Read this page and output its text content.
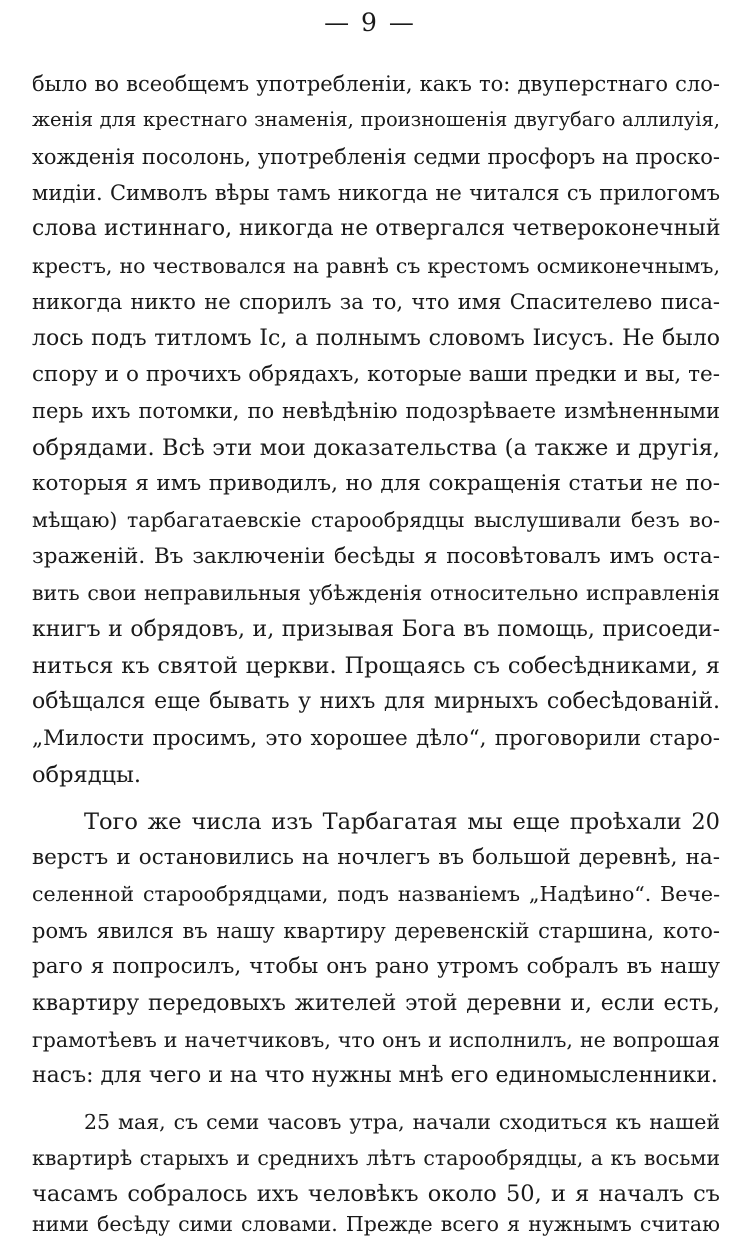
— 9 —
было во всеобщемъ употребленіи, какъ то: двуперстнаго сло-
женія для крестнаго знаменія, произношенія двугубаго аллилуія,
хожденія посолонь, употребленія седми просфоръ на проско-
мидіи. Символъ вѣры тамъ никогда не читался съ прилогомъ
слова истиннаго, никогда не отвергался четвероконечный
крестъ, но чествовался на равнѣ съ крестомъ осмиконечнымъ,
никогда никто не спорилъ за то, что имя Спасителево писа-
лось подъ титломъ Іс, а полнымъ словомъ Іисусъ. Не было
спору и о прочихъ обрядахъ, которые ваши предки и вы, те-
перь ихъ потомки, по невѣдѣнію подозрѣваете измѣненными
обрядами. Всѣ эти мои доказательства (а также и другія,
которыя я имъ приводилъ, но для сокращенія статьи не по-
мѣщаю) тарбагатаевскіе старообрядцы выслушивали безъ во-
зраженій. Въ заключеніи бесѣды я посовѣтовалъ имъ оста-
вить свои неправильныя убѣжденія относительно исправленія
книгъ и обрядовъ, и, призывая Бога въ помощь, присоеди-
ниться къ святой церкви. Прощаясь съ собесѣдниками, я
обѣщался еще бывать у нихъ для мирныхъ собесѣдованій.
„Милости просимъ, это хорошее дѣло“, проговорили старо-
обрядцы.
Того же числа изъ Тарбагатая мы еще проѣхали 20
верстъ и остановились на ночлегъ въ большой деревнѣ, на-
селенной старообрядцами, подъ названіемъ „Надѣино“. Вече-
ромъ явился въ нашу квартиру деревенскій старшина, кото-
раго я попросилъ, чтобы онъ рано утромъ собралъ въ нашу
квартиру передовыхъ жителей этой деревни и, если есть,
грамотѣевъ и начетчиковъ, что онъ и исполнилъ, не вопрошая
насъ: для чего и на что нужны мнѣ его единомысленники.
25 мая, съ семи часовъ утра, начали сходиться къ нашей
квартирѣ старыхъ и среднихъ лѣтъ старообрядцы, а къ восьми
часамъ собралось ихъ человѣкъ около 50, и я началъ съ
ними бесѣду сими словами. Прежде всего я нужнымъ считаю
